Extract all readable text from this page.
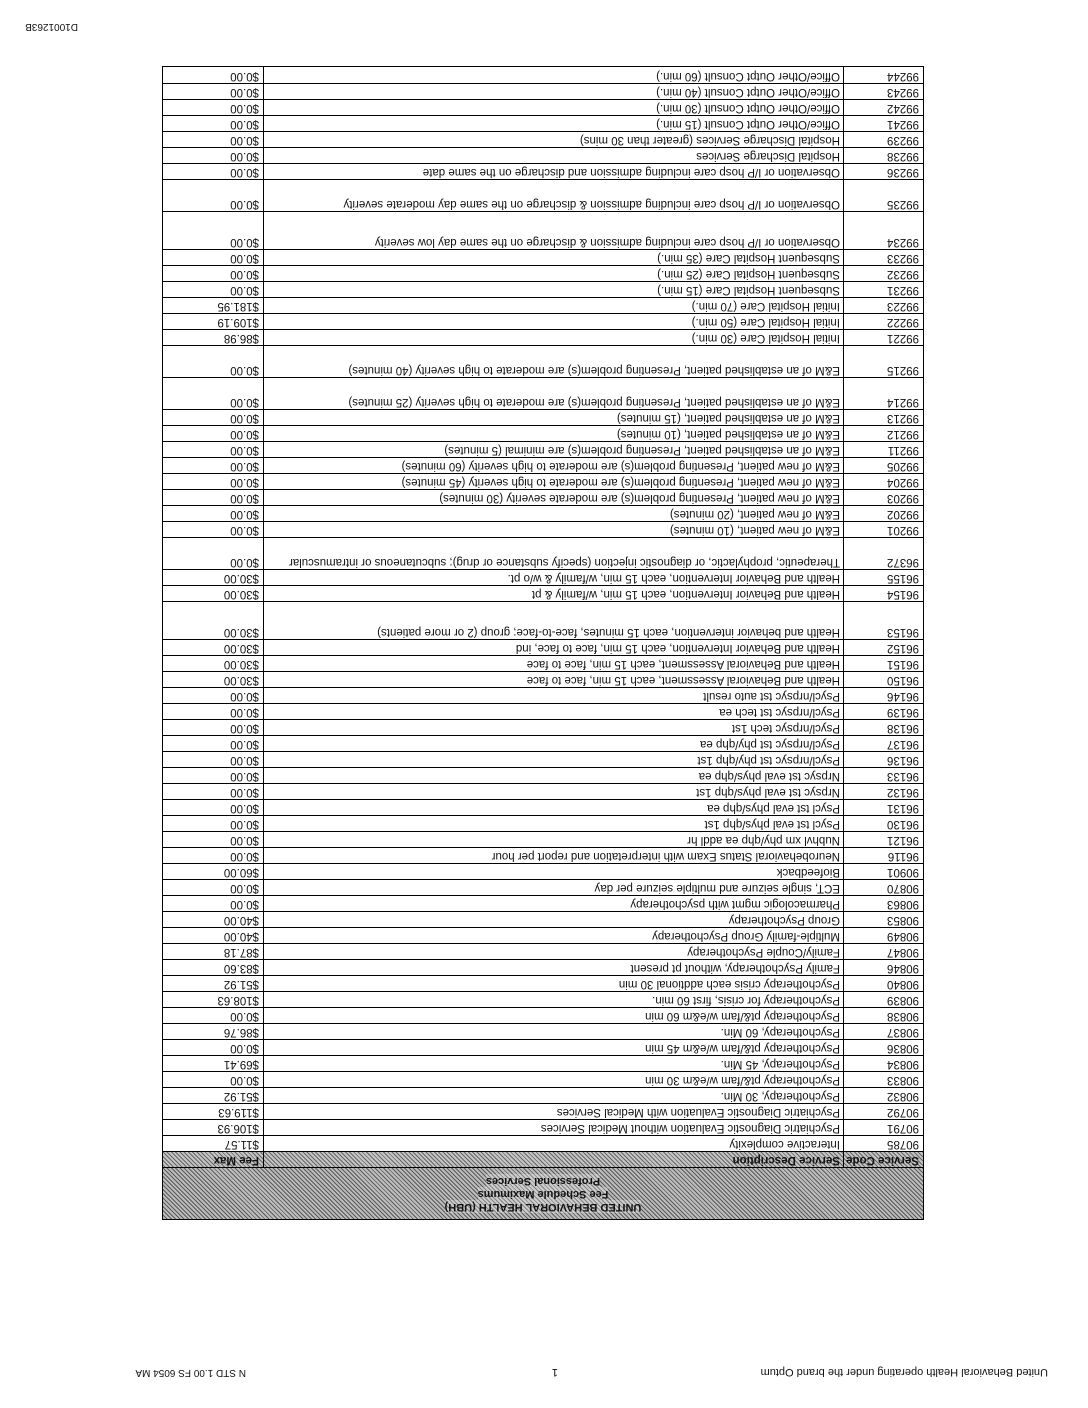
United Behavioral Health operating under the brand Optum
1
N STD 1.00 FS 6054 MA
D1001263B
UNITED BEHAVIORAL HEALTH (UBH)
Fee Schedule Maximums
Professional Services
Service Code
Service Description
Fee Max
90785
Interactive complexity
$11.57
90791
Psychiatric Diagnostic Evaluation without Medical Services
$106.93
90792
Psychiatric Diagnostic Evaluation with Medical Services
$119.63
90832
Psychotherapy, 30 Min.
$51.92
90833
Psychotherapy pt&/fam w/e&m 30 min
$0.00
90834
Psychotherapy, 45 Min.
$69.41
90836
Psychotherapy pt&/fam w/e&m 45 min
$0.00
90837
Psychotherapy, 60 Min.
$86.76
90838
Psychotherapy pt&/fam w/e&m 60 min
$0.00
90839
Psychotherapy for crisis, first 60 min.
$108.63
90840
Psychotherapy crisis each addtional 30 min
$51.92
90846
Family Psychotherapy, without pt present
$83.60
90847
Family/Couple Psychotherapy
$87.18
90849
Multiple-family Group Psychotherapy
$40.00
90853
Group Psychotherapy
$40.00
90863
Pharmacologic mgmt with psychotherapy
$0.00
90870
ECT, single seizure and multiple seizure per day
$0.00
90901
Biofeedback
$60.00
96116
Neurobehavioral Status Exam with interpretation and report per hour
$0.00
96121
Nubhvl xm phy/qhp ea addl hr
$0.00
96130
Psycl tst eval phys/qhp 1st
$0.00
96131
Psycl tst eval phys/qhp ea
$0.00
96132
Nrpsyc tst eval phys/qhp 1st
$0.00
96133
Nrpsyc tst eval phys/qhp ea
$0.00
96136
Psycl/nrpsyc tst phy/qhp 1st
$0.00
96137
Psycl/nrpsyc tst phy/qhp ea
$0.00
96138
Psycl/nrpsyc tech 1st
$0.00
96139
Psycl/nrpsyc tst tech ea
$0.00
96146
Psycl/nrpsyc tst auto result
$0.00
96150
Health and Behavioral Assessment, each 15 min, face to face
$30.00
96151
Health and Behavioral Assessment, each 15 min, face to face
$30.00
96152
Health and Behavior Intervention, each 15 min, face to face, ind
$30.00
96153
Health and behavior intervention, each 15 minutes, face-to-face; group (2 or more patients)
$30.00
96154
Health and Behavior Intervention, each 15 min, w/family & pt
$30.00
96155
Health and Behavior Intervention, each 15 min, w/family & w/o pt.
$30.00
96372
Therapeutic, prophylactic, or diagnostic injection (specify substance or drug); subcutaneous or intramuscular
$0.00
99201
E&M of new patient, (10 minutes)
$0.00
99202
E&M of new patient, (20 minutes)
$0.00
99203
E&M of new patient, Presenting problem(s) are moderate severity (30 minutes)
$0.00
99204
E&M of new patient, Presenting problem(s) are moderate to high severity (45 minutes)
$0.00
99205
E&M of new patient, Presenting problem(s) are moderate to high severity (60 minutes)
$0.00
99211
E&M of an established patient, Presenting problem(s) are minimal (5 minutes)
$0.00
99212
E&M of an established patient, (10 minutes)
$0.00
99213
E&M of an established patient, (15 minutes)
$0.00
99214
E&M of an established patient, Presenting problem(s) are moderate to high severity (25 minutes)
$0.00
99215
E&M of an established patient, Presenting problem(s) are moderate to high severity (40 minutes)
$0.00
99221
Initial Hospital Care (30 min.)
$86.98
99222
Initial Hospital Care (50 min.)
$109.19
99223
Initial Hospital Care (70 min.)
$181.95
99231
Subsequent Hospital Care (15 min.)
$0.00
99232
Subsequent Hospital Care (25 min.)
$0.00
99233
Subsequent Hospital Care (35 min.)
$0.00
99234
Observation or I/P hosp care including admission & discharge on the same day low severity
$0.00
99235
Observation or I/P hosp care including admission & discharge on the same day moderate severity
$0.00
99236
Observation or I/P hosp care including admission and discharge on the same date
$0.00
99238
Hospital Discharge Services
$0.00
99239
Hospital Discharge Services (greater than 30 mins)
$0.00
99241
Office/Other Outpt Consult (15 min.)
$0.00
99242
Office/Other Outpt Consult (30 min.)
$0.00
99243
Office/Other Outpt Consult (40 min.)
$0.00
99244
Office/Other Outpt Consult (60 min.)
$0.00
